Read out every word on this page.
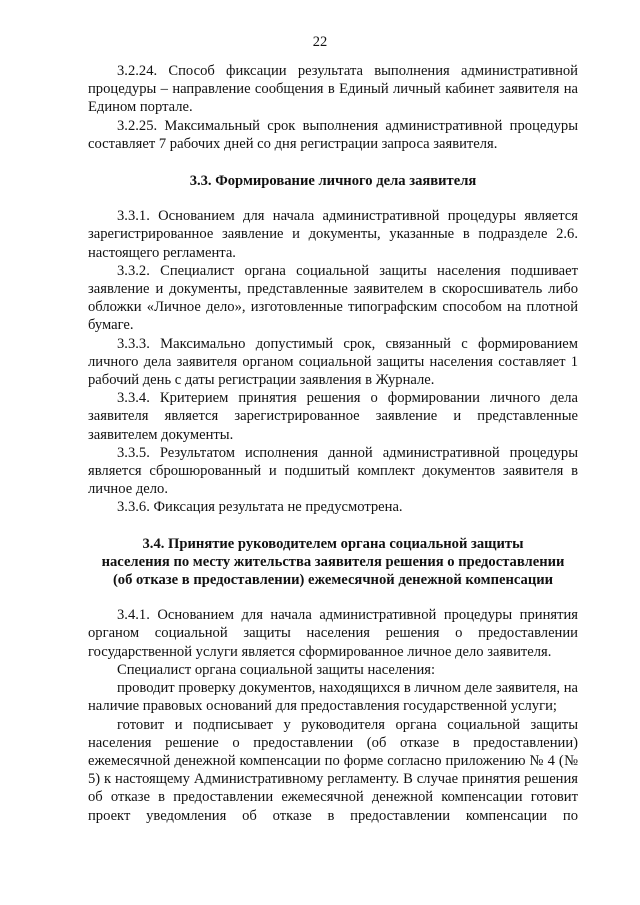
22

3.2.24. Способ фиксации результата выполнения административной процедуры – направление сообщения в Единый личный кабинет заявителя на Едином портале.

3.2.25. Максимальный срок выполнения административной процедуры составляет 7 рабочих дней со дня регистрации запроса заявителя.

3.3. Формирование личного дела заявителя

3.3.1. Основанием для начала административной процедуры является зарегистрированное заявление и документы, указанные в подразделе 2.6. настоящего регламента.

3.3.2. Специалист органа социальной защиты населения подшивает заявление и документы, представленные заявителем в скоросшиватель либо обложки «Личное дело», изготовленные типографским способом на плотной бумаге.

3.3.3. Максимально допустимый срок, связанный с формированием личного дела заявителя органом социальной защиты населения составляет 1 рабочий день с даты регистрации заявления в Журнале.

3.3.4. Критерием принятия решения о формировании личного дела заявителя является зарегистрированное заявление и представленные заявителем документы.

3.3.5. Результатом исполнения данной административной процедуры является сброшюрованный и подшитый комплект документов заявителя в личное дело.

3.3.6. Фиксация результата не предусмотрена.

3.4. Принятие руководителем органа социальной защиты
населения по месту жительства заявителя решения о предоставлении
(об отказе в предоставлении) ежемесячной денежной компенсации

3.4.1. Основанием для начала административной процедуры принятия органом социальной защиты населения решения о предоставлении государственной услуги является сформированное личное дело заявителя.

Специалист органа социальной защиты населения:

проводит проверку документов, находящихся в личном деле заявителя, на наличие правовых оснований для предоставления государственной услуги;

готовит и подписывает у руководителя органа социальной защиты населения решение о предоставлении (об отказе в предоставлении) ежемесячной денежной компенсации по форме согласно приложению № 4 (№ 5) к настоящему Административному регламенту. В случае принятия решения об отказе в предоставлении ежемесячной денежной компенсации готовит проект уведомления об отказе в предоставлении компенсации по
